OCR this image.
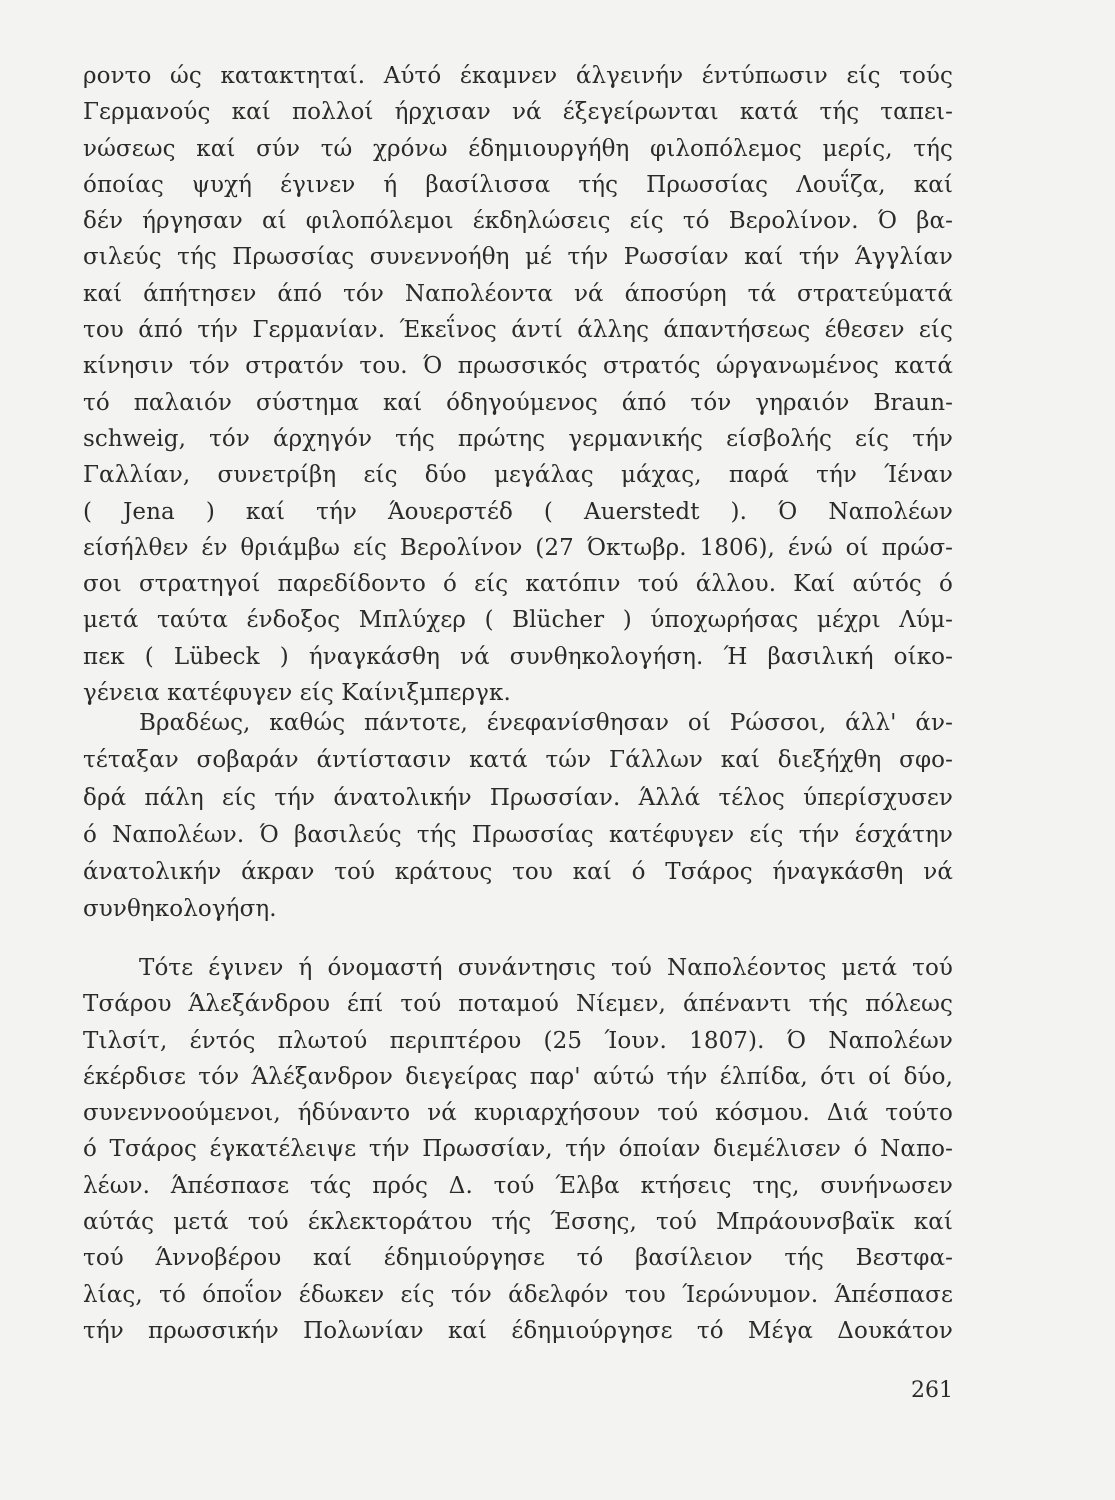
ροντο ώς κατακτηταί. Αύτό έκαμνεν άλγεινήν έντύπωσιν είς τούς
Γερμανούς καί πολλοί ήρχισαν νά έξεγείρωνται κατά τής ταπει-
νώσεως καί σύν τώ χρόνω έδημιουργήθη φιλοπόλεμος μερίς, τής
όποίας ψυχή έγινεν ή βασίλισσα τής Πρωσσίας Λουΐζα, καί
δέν ήργησαν αί φιλοπόλεμοι έκδηλώσεις είς τό Βερολίνον. Ό βα-
σιλεύς τής Πρωσσίας συνεννοήθη μέ τήν Ρωσσίαν καί τήν Άγγλίαν
καί άπήτησεν άπό τόν Ναπολέοντα νά άποσύρη τά στρατεύματά
του άπό τήν Γερμανίαν. Έκεΐνος άντί άλλης άπαντήσεως έθεσεν είς
κίνησιν τόν στρατόν του. Ό πρωσσικός στρατός ώργανωμένος κατά
τό παλαιόν σύστημα καί όδηγούμενος άπό τόν γηραιόν Braun-
schweig, τόν άρχηγόν τής πρώτης γερμανικής είσβολής είς τήν
Γαλλίαν, συνετρίβη είς δύο μεγάλας μάχας, παρά τήν Ίέναν
( Jena ) καί τήν Άουερστέδ ( Auerstedt ). Ό Ναπολέων
είσήλθεν έν θριάμβω είς Βερολίνον (27 Όκτωβρ. 1806), ένώ οί πρώσ-
σοι στρατηγοί παρεδίδοντο ό είς κατόπιν τού άλλου. Καί αύτός ό
μετά ταύτα ένδοξος Μπλύχερ ( Blücher ) ύποχωρήσας μέχρι Λύμ-
πεκ ( Lübeck ) ήναγκάσθη νά συνθηκολογήση. Ή βασιλική οίκο-
γένεια κατέφυγεν είς Καίνιξμπεργκ.
Βραδέως, καθώς πάντοτε, ένεφανίσθησαν οί Ρώσσοι, άλλ' άν-
τέταξαν σοβαράν άντίστασιν κατά τών Γάλλων καί διεξήχθη σφο-
δρά πάλη είς τήν άνατολικήν Πρωσσίαν. Άλλά τέλος ύπερίσχυσεν
ό Ναπολέων. Ό βασιλεύς τής Πρωσσίας κατέφυγεν είς τήν έσχάτην
άνατολικήν άκραν τού κράτους του καί ό Τσάρος ήναγκάσθη νά
συνθηκολογήση.
Τότε έγινεν ή όνομαστή συνάντησις τού Ναπολέοντος μετά τού
Τσάρου Άλεξάνδρου έπί τού ποταμού Νίεμεν, άπέναντι τής πόλεως
Τιλσίτ, έντός πλωτού περιπτέρου (25 Ίουν. 1807). Ό Ναπολέων
έκέρδισε τόν Άλέξανδρον διεγείρας παρ' αύτώ τήν έλπίδα, ότι οί δύο,
συνεννοούμενοι, ήδύναντο νά κυριαρχήσουν τού κόσμου. Διά τούτο
ό Τσάρος έγκατέλειψε τήν Πρωσσίαν, τήν όποίαν διεμέλισεν ό Ναπο-
λέων. Άπέσπασε τάς πρός Δ. τού Έλβα κτήσεις της, συνήνωσεν
αύτάς μετά τού έκλεκτοράτου τής Έσσης, τού Μπράουνσβαϊκ καί
τού Άννοβέρου καί έδημιούργησε τό βασίλειον τής Βεστφα-
λίας, τό όποΐον έδωκεν είς τόν άδελφόν του Ίερώνυμον. Άπέσπασε
τήν πρωσσικήν Πολωνίαν καί έδημιούργησε τό Μέγα Δουκάτον
261
